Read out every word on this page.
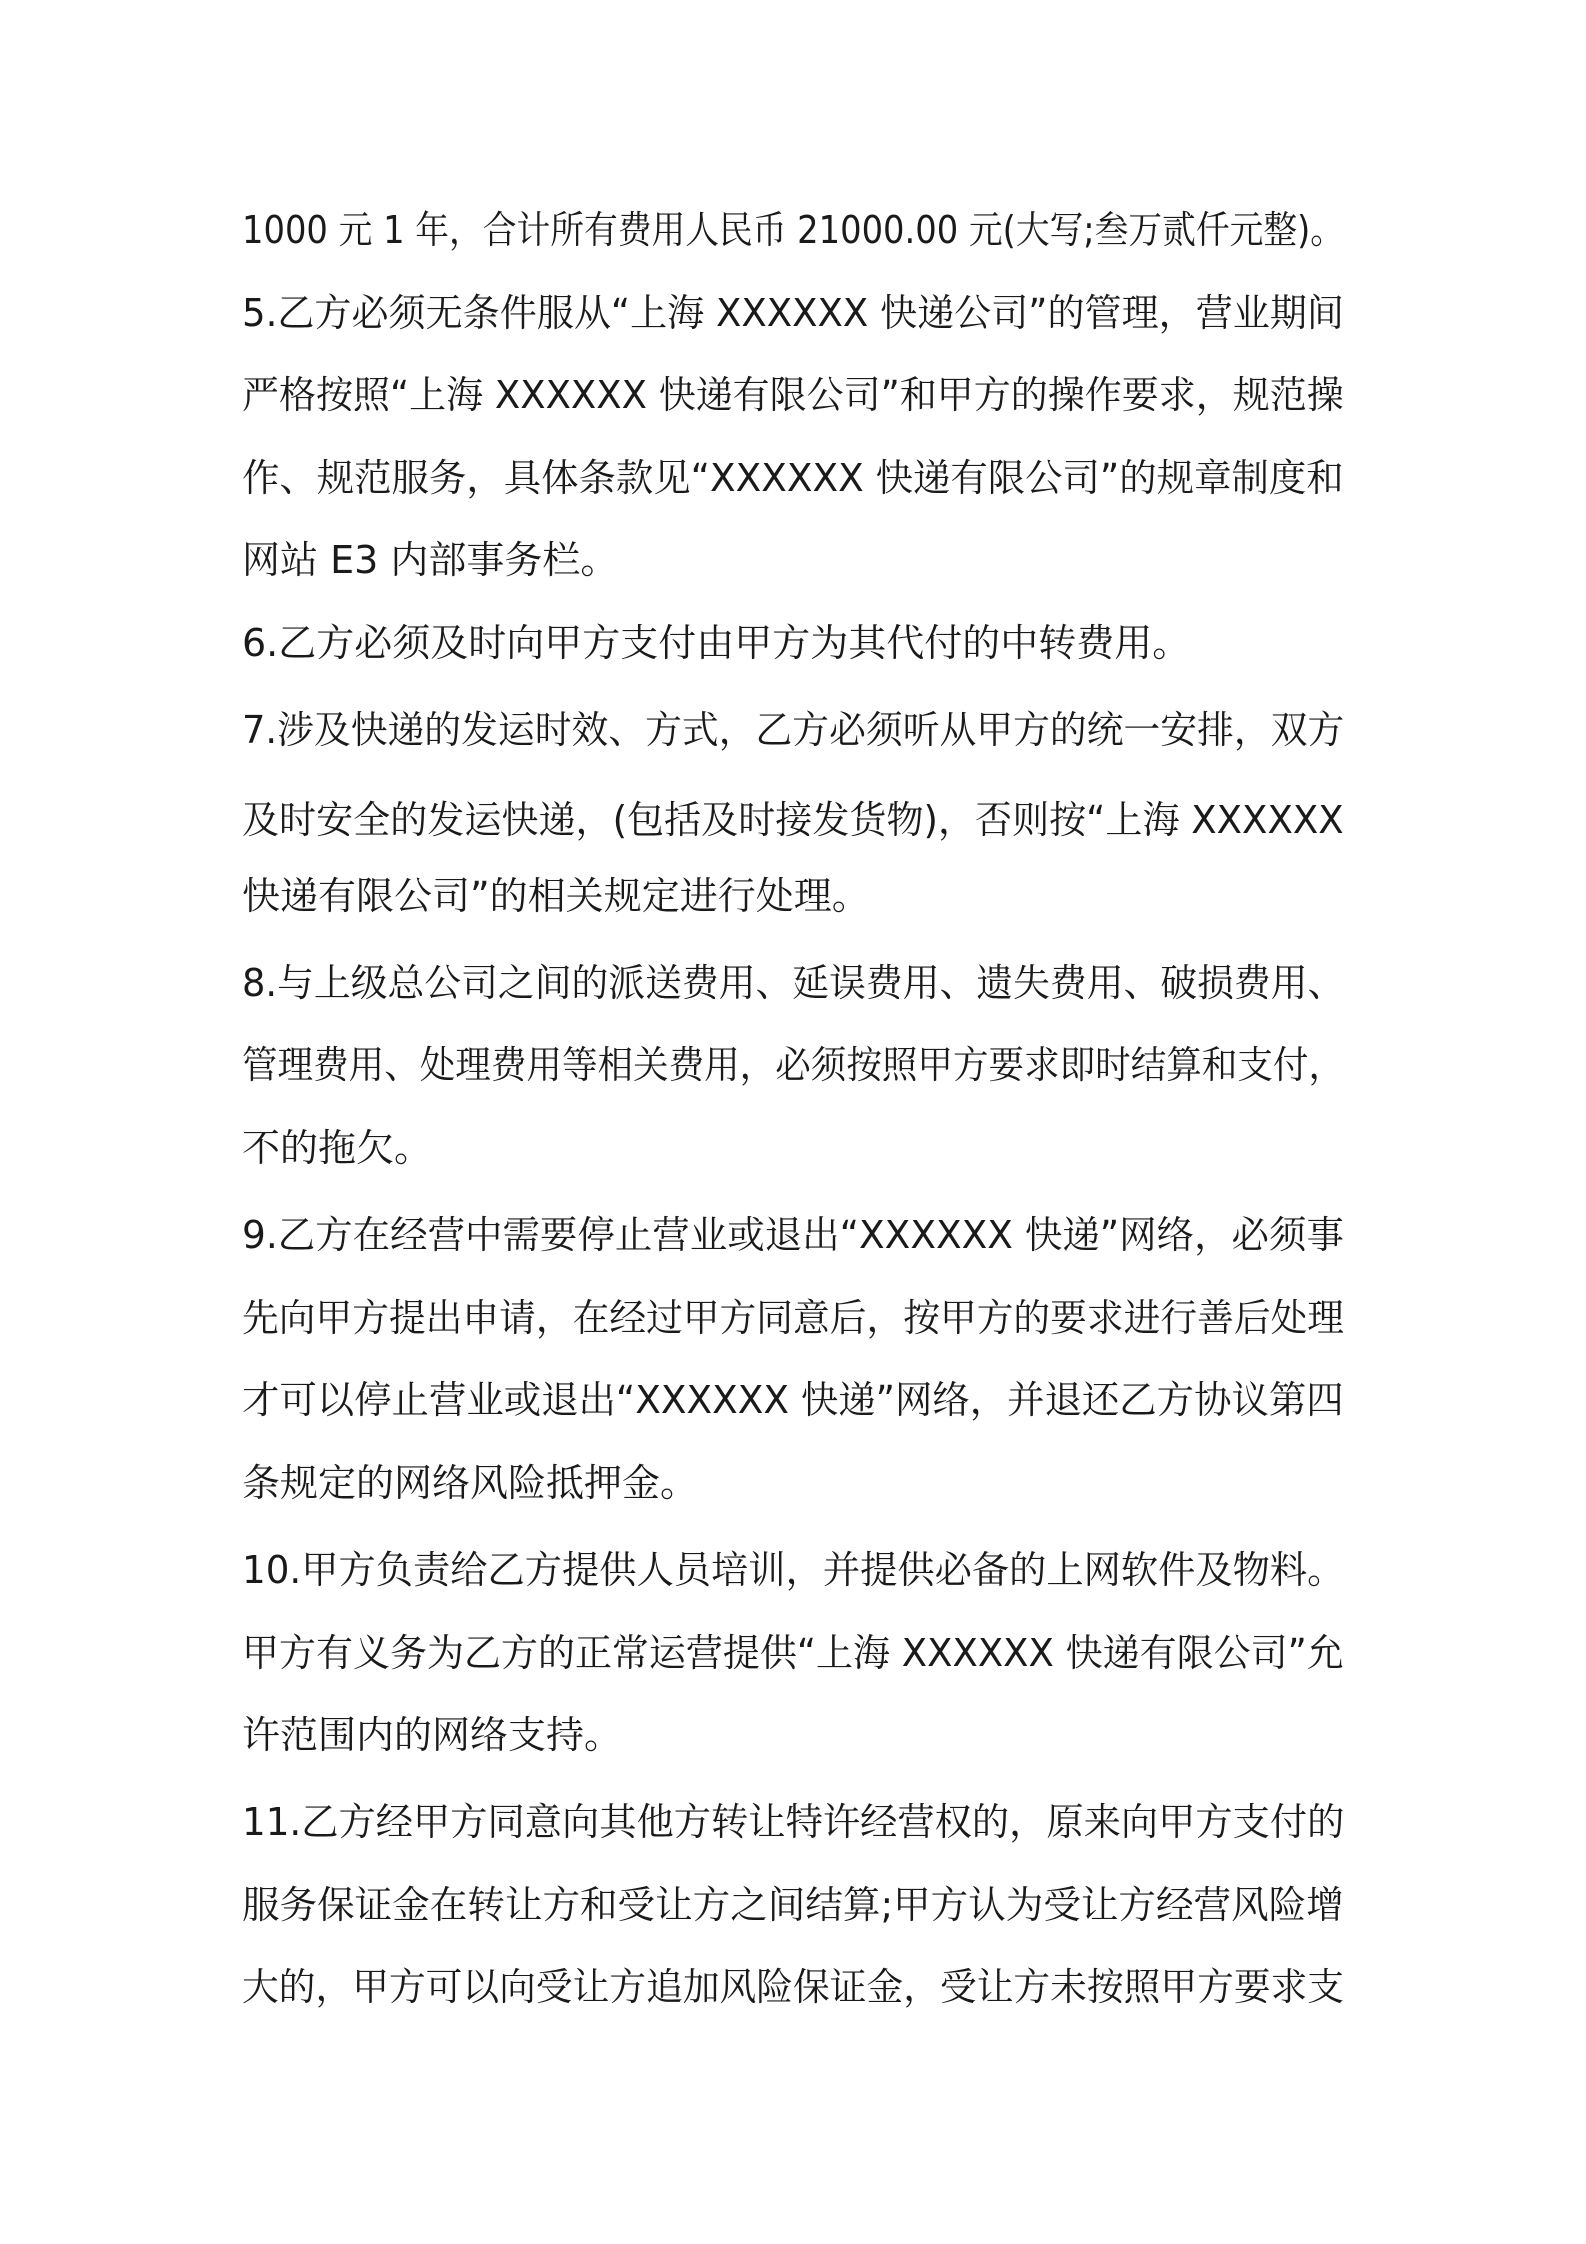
1000 元 1 年，合计所有费用人民币 21000.00 元(大写;叁万贰仟元整)。
5.乙方必须无条件服从“上海 XXXXXX 快递公司”的管理，营业期间
严格按照“上海 XXXXXX 快递有限公司”和甲方的操作要求，规范操
作、规范服务，具体条款见“XXXXXX 快递有限公司”的规章制度和
网站 E3 内部事务栏。
6.乙方必须及时向甲方支付由甲方为其代付的中转费用。
7.涉及快递的发运时效、方式，乙方必须听从甲方的统一安排，双方
及时安全的发运快递，(包括及时接发货物)，否则按“上海 XXXXXX
快递有限公司”的相关规定进行处理。
8.与上级总公司之间的派送费用、延误费用、遗失费用、破损费用、
管理费用、处理费用等相关费用，必须按照甲方要求即时结算和支付，
不的拖欠。
9.乙方在经营中需要停止营业或退出“XXXXXX 快递”网络，必须事
先向甲方提出申请，在经过甲方同意后，按甲方的要求进行善后处理
才可以停止营业或退出“XXXXXX 快递”网络，并退还乙方协议第四
条规定的网络风险抵押金。
10.甲方负责给乙方提供人员培训，并提供必备的上网软件及物料。
甲方有义务为乙方的正常运营提供“上海 XXXXXX 快递有限公司”允
许范围内的网络支持。
11.乙方经甲方同意向其他方转让特许经营权的，原来向甲方支付的
服务保证金在转让方和受让方之间结算;甲方认为受让方经营风险增
大的，甲方可以向受让方追加风险保证金，受让方未按照甲方要求支
